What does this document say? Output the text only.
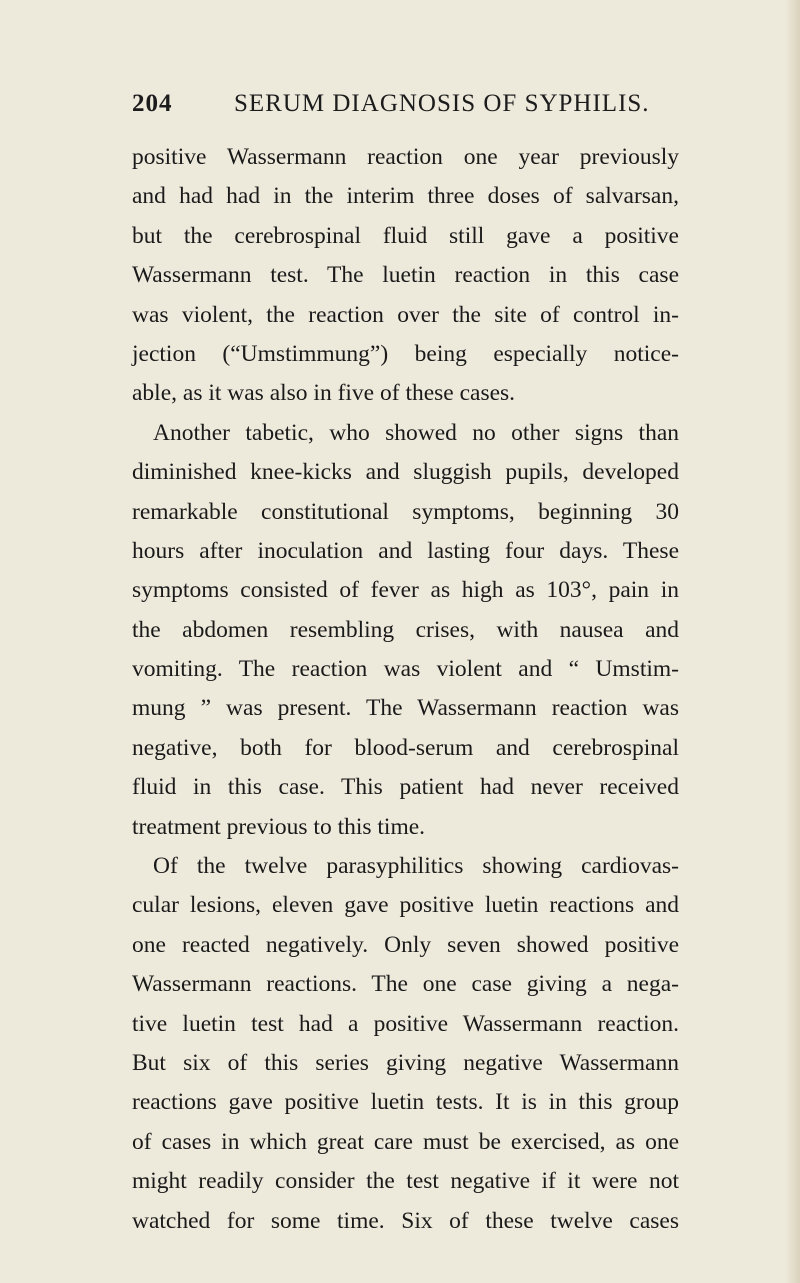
204 SERUM DIAGNOSIS OF SYPHILIS.
positive Wassermann reaction one year previously
and had had in the interim three doses of salvarsan,
but the cerebrospinal fluid still gave a positive
Wassermann test. The luetin reaction in this case
was violent, the reaction over the site of control in-
jection (“Umstimmung”) being especially notice-
able, as it was also in five of these cases.
Another tabetic, who showed no other signs than
diminished knee-kicks and sluggish pupils, developed
remarkable constitutional symptoms, beginning 30
hours after inoculation and lasting four days. These
symptoms consisted of fever as high as 103°, pain in
the abdomen resembling crises, with nausea and
vomiting. The reaction was violent and “ Umstim-
mung ” was present. The Wassermann reaction was
negative, both for blood-serum and cerebrospinal
fluid in this case. This patient had never received
treatment previous to this time.
Of the twelve parasyphilitics showing cardiovas-
cular lesions, eleven gave positive luetin reactions and
one reacted negatively. Only seven showed positive
Wassermann reactions. The one case giving a nega-
tive luetin test had a positive Wassermann reaction.
But six of this series giving negative Wassermann
reactions gave positive luetin tests. It is in this group
of cases in which great care must be exercised, as one
might readily consider the test negative if it were not
watched for some time. Six of these twelve cases
